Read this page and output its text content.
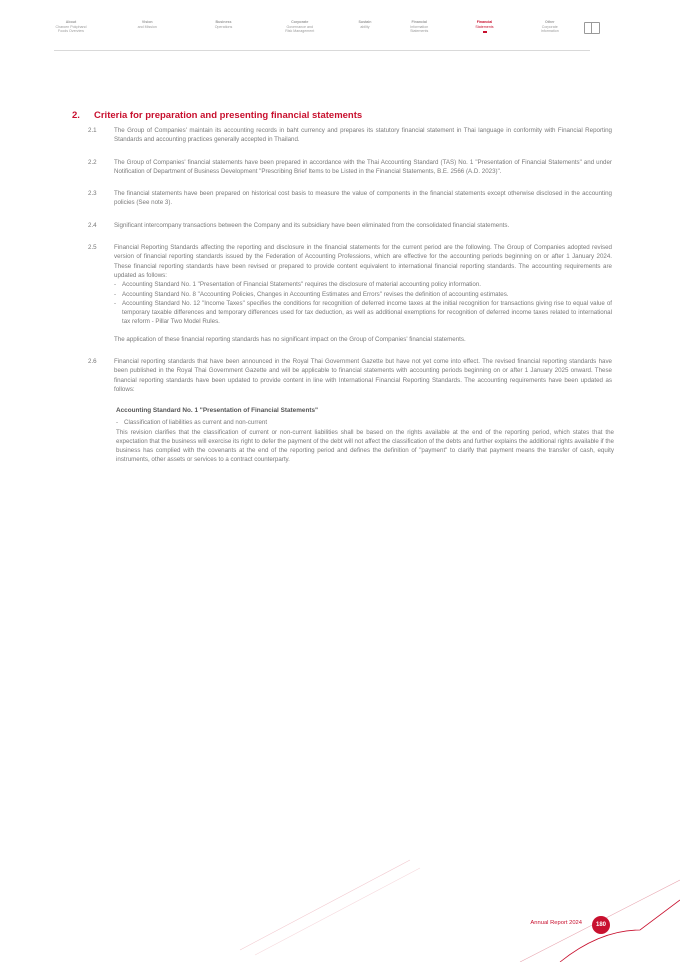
About
Charoen Pokphand
Foods Overview
Vision
and Mission
Business
Operations
Corporate
Governance and
Risk Management
Sustain
ability
Financial
Information
Statements
Financial
Statements
Other
Corporate
Information
2. Criteria for preparation and presenting financial statements
2.1	The Group of Companies' maintain its accounting records in baht currency and prepares its statutory financial statement in Thai language in conformity with Financial Reporting Standards and accounting practices generally accepted in Thailand.
2.2	The Group of Companies' financial statements have been prepared in accordance with the Thai Accounting Standard (TAS) No. 1 "Presentation of Financial Statements" and under Notification of Department of Business Development "Prescribing Brief Items to be Listed in the Financial Statements, B.E. 2566 (A.D. 2023)".
2.3	The financial statements have been prepared on historical cost basis to measure the value of components in the financial statements except otherwise disclosed in the accounting policies (See note 3).
2.4	Significant intercompany transactions between the Company and its subsidiary have been eliminated from the consolidated financial statements.
2.5	Financial Reporting Standards affecting the reporting and disclosure in the financial statements for the current period are the following. The Group of Companies adopted revised version of financial reporting standards issued by the Federation of Accounting Professions, which are effective for the accounting periods beginning on or after 1 January 2024. These financial reporting standards have been revised or prepared to provide content equivalent to international financial reporting standards. The accounting requirements are updated as follows:
- Accounting Standard No. 1 "Presentation of Financial Statements" requires the disclosure of material accounting policy information.
- Accounting Standard No. 8 "Accounting Policies, Changes in Accounting Estimates and Errors" revises the definition of accounting estimates.
- Accounting Standard No. 12 "Income Taxes" specifies the conditions for recognition of deferred income taxes at the initial recognition for transactions giving rise to equal value of temporary taxable differences and temporary differences used for tax deduction, as well as additional exemptions for recognition of deferred income taxes related to international tax reform - Pillar Two Model Rules.
The application of these financial reporting standards has no significant impact on the Group of Companies' financial statements.
2.6	Financial reporting standards that have been announced in the Royal Thai Government Gazette but have not yet come into effect. The revised financial reporting standards have been published in the Royal Thai Government Gazette and will be applicable to financial statements with accounting periods beginning on or after 1 January 2025 onward. These financial reporting standards have been updated to provide content in line with International Financial Reporting Standards. The accounting requirements have been updated as follows:
Accounting Standard No. 1 "Presentation of Financial Statements"
- Classification of liabilities as current and non-current
This revision clarifies that the classification of current or non-current liabilities shall be based on the rights available at the end of the reporting period, which states that the expectation that the business will exercise its right to defer the payment of the debt will not affect the classification of the debts and further explains the additional rights available if the business has complied with the covenants at the end of the reporting period and defines the definition of "payment" to clarify that payment means the transfer of cash, equity instruments, other assets or services to a contract counterparty.
Annual Report 2024	180
